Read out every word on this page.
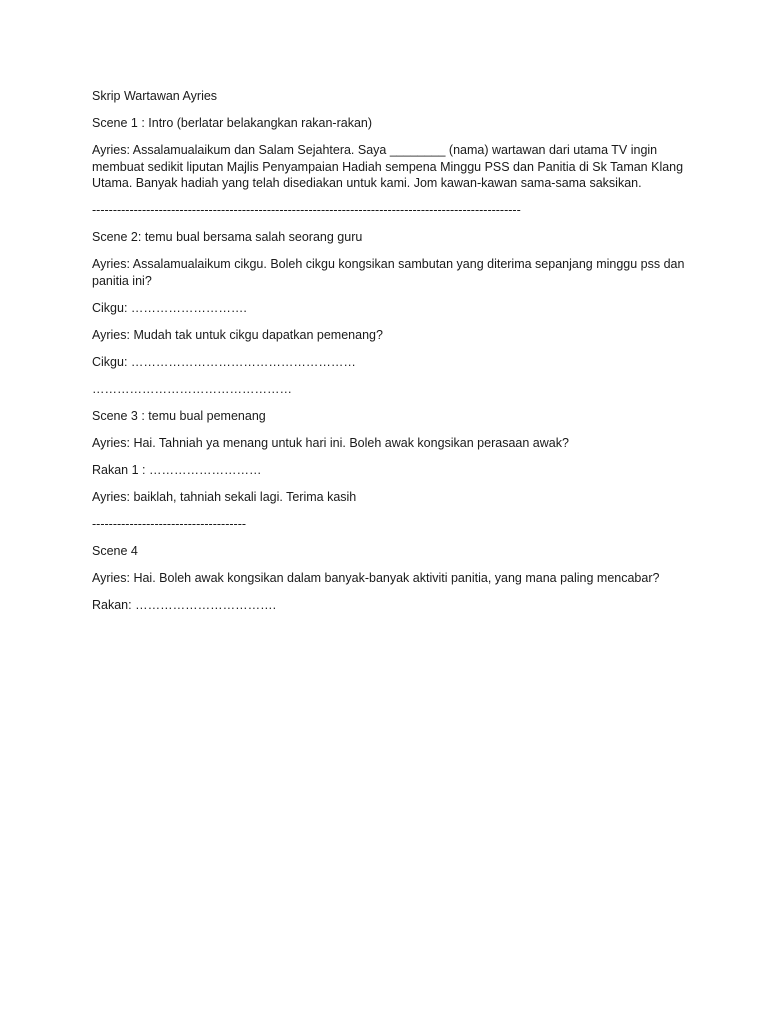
Skrip Wartawan Ayries

Scene 1 : Intro (berlatar belakangkan rakan-rakan)

Ayries: Assalamualaikum dan Salam Sejahtera. Saya ________ (nama) wartawan dari utama TV ingin membuat sedikit liputan Majlis Penyampaian Hadiah sempena Minggu PSS dan Panitia di Sk Taman Klang Utama. Banyak hadiah yang telah disediakan untuk kami. Jom kawan-kawan sama-sama saksikan.

-------------------------------------------------------------------------------------------------------

Scene 2: temu bual bersama salah seorang guru

Ayries: Assalamualaikum cikgu. Boleh cikgu kongsikan sambutan yang diterima sepanjang minggu pss dan panitia ini?

Cikgu: ……………………….

Ayries: Mudah tak untuk cikgu dapatkan pemenang?

Cikgu: ………………………………………………

…………………………………………

Scene 3 : temu bual pemenang

Ayries: Hai. Tahniah ya menang untuk hari ini. Boleh awak kongsikan perasaan awak?

Rakan 1 : ………………………

Ayries: baiklah, tahniah sekali lagi. Terima kasih

-------------------------------------

Scene 4

Ayries: Hai. Boleh awak kongsikan dalam banyak-banyak aktiviti panitia, yang mana paling mencabar?

Rakan: …………………………….
